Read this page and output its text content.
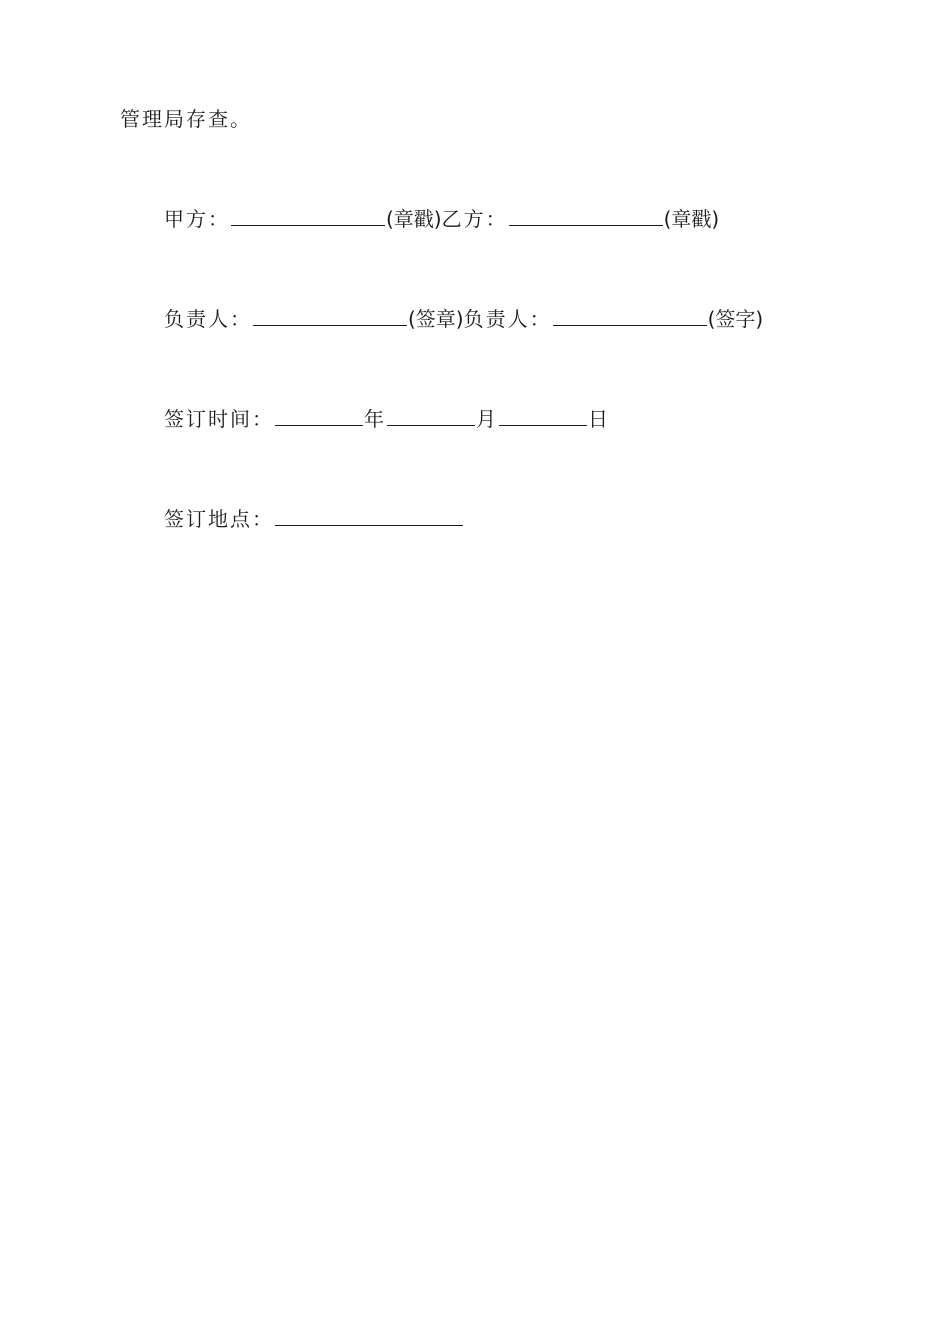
管理局存查。
甲方：	(章戳)乙方：	(章戳)
负责人：	(签章)负责人：	(签字)
签订时间：	年	月	日
签订地点：
